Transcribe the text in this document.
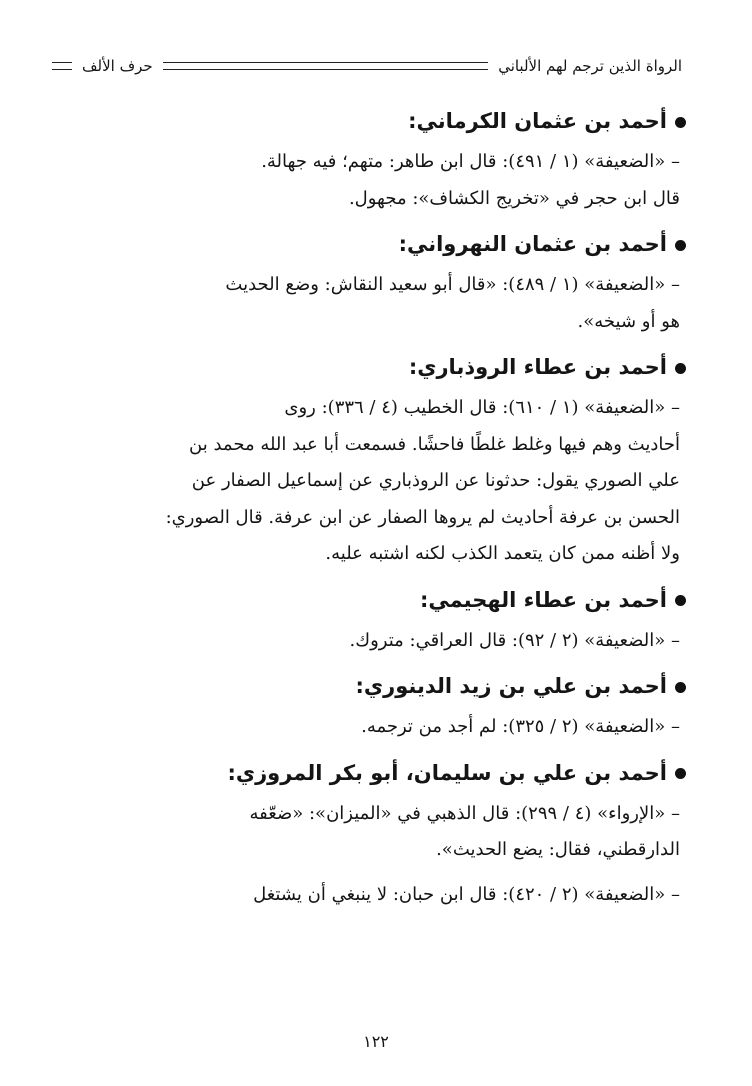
الرواة الذين ترجم لهم الألباني
حرف الألف
أحمد بن عثمان الكرماني:

– «الضعيفة» (١ / ٤٩١): قال ابن طاهر: متهم؛ فيه جهالة.

قال ابن حجر في «تخريج الكشاف»: مجهول.

أحمد بن عثمان النهرواني:

– «الضعيفة» (١ / ٤٨٩): «قال أبو سعيد النقاش: وضع الحديث

هو أو شيخه».

أحمد بن عطاء الروذباري:

– «الضعيفة» (١ / ٦١٠): قال الخطيب (٤ / ٣٣٦): روى

أحاديث وهم فيها وغلط غلطًا فاحشًا. فسمعت أبا عبد الله محمد بن

علي الصوري يقول: حدثونا عن الروذباري عن إسماعيل الصفار عن

الحسن بن عرفة أحاديث لم يروها الصفار عن ابن عرفة. قال الصوري:

ولا أظنه ممن كان يتعمد الكذب لكنه اشتبه عليه.

أحمد بن عطاء الهجيمي:

– «الضعيفة» (٢ / ٩٢): قال العراقي: متروك.

أحمد بن علي بن زيد الدينوري:

– «الضعيفة» (٢ / ٣٢٥): لم أجد من ترجمه.

أحمد بن علي بن سليمان، أبو بكر المروزي:

– «الإرواء» (٤ / ٢٩٩): قال الذهبي في «الميزان»: «ضعّفه

الدارقطني، فقال: يضع الحديث».

– «الضعيفة» (٢ / ٤٢٠): قال ابن حبان: لا ينبغي أن يشتغل

١٢٢
